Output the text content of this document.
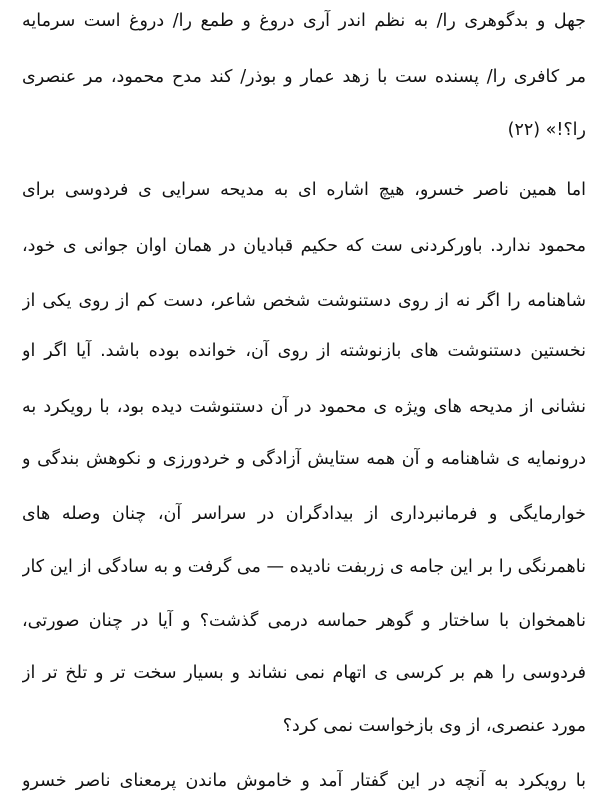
جهل و بدگوهری را/ به نظم اندر آری دروغ و طمع را/ دروغ است سرمایه
مر کافری را/ پسنده ست با زهد عمار و بوذر/ کند مدح محمود، مر عنصری
را؟!» (۲۲)
اما همین ناصر خسرو، هیچ اشاره ای به مدیحه سرایی ی فردوسی برای
محمود ندارد. باورکردنی ست که حکیم قبادیان در همان اوان جوانی ی خود،
شاهنامه را اگر نه از روی دستنوشت شخص شاعر، دست کم از روی یکی از
نخستین دستنوشت های بازنوشته از روی آن، خوانده بوده باشد. آیا اگر او
نشانی از مدیحه های ویژه ی محمود در آن دستنوشت دیده بود، با رویکرد به
درونمایه ی شاهنامه و آن همه ستایش آزادگی و خردورزی و نکوهش بندگی و
خوارمایگی و فرمانبرداری از بیدادگران در سراسر آن، چنان وصله های
ناهمرنگی را بر این جامه ی زربفت نادیده — می گرفت و به سادگی از این کار
ناهمخوان با ساختار و گوهر حماسه درمی گذشت؟ و آیا در چنان صورتی،
فردوسی را هم بر کرسی ی اتهام نمی نشاند و بسیار سخت تر و تلخ تر از
مورد عنصری، از وی بازخواست نمی کرد؟
با رویکرد به آنچه در این گفتار آمد و خاموش ماندن پرمعنای ناصر خسرو
